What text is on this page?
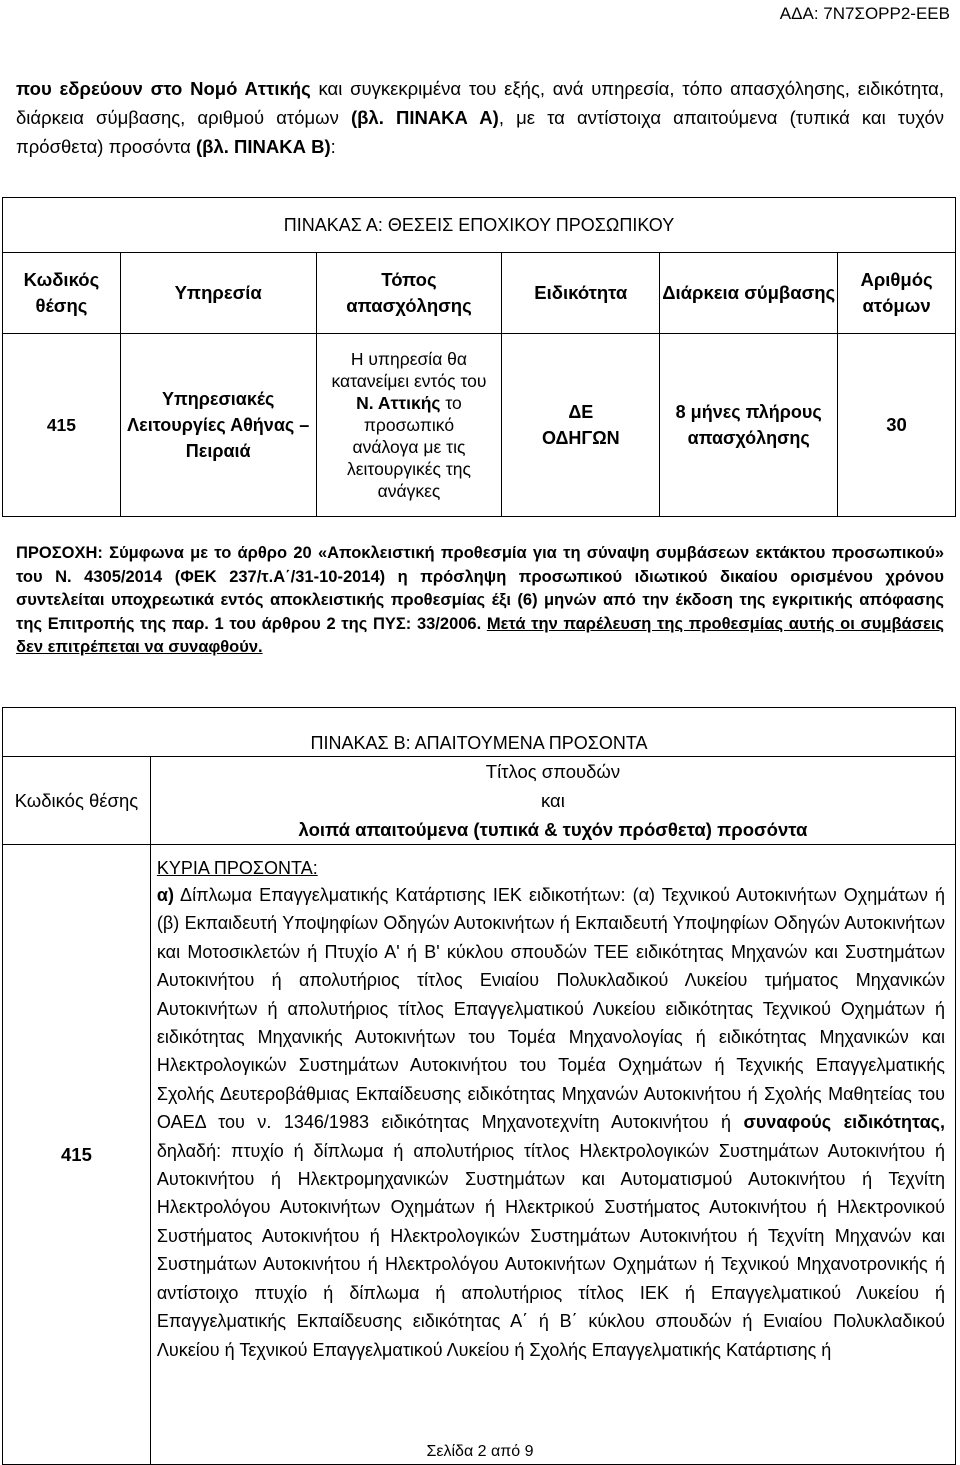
ΑΔΑ: 7Ν7ΣΟΡΡ2-ΕΕΒ
που εδρεύουν στο Νομό Αττικής και συγκεκριμένα του εξής, ανά υπηρεσία, τόπο απασχόλησης, ειδικότητα, διάρκεια σύμβασης, αριθμού ατόμων (βλ. ΠΙΝΑΚΑ Α), με τα αντίστοιχα απαιτούμενα (τυπικά και τυχόν πρόσθετα) προσόντα (βλ. ΠΙΝΑΚΑ Β):
ΠΙΝΑΚΑΣ Α: ΘΕΣΕΙΣ ΕΠΟΧΙΚΟΥ ΠΡΟΣΩΠΙΚΟΥ					
Κωδικός θέσης	Υπηρεσία	Τόπος απασχόλησης	Ειδικότητα	Διάρκεια σύμβασης	Αριθμός ατόμων
415	Υπηρεσιακές Λειτουργίες Αθήνας – Πειραιά	Η υπηρεσία θα κατανείμει εντός του Ν. Αττικής το προσωπικό ανάλογα με τις λειτουργικές της ανάγκες	ΔΕ ΟΔΗΓΩΝ	8 μήνες πλήρους απασχόλησης	30
ΠΡΟΣΟΧΗ: Σύμφωνα με το άρθρο 20 «Αποκλειστική προθεσμία για τη σύναψη συμβάσεων εκτάκτου προσωπικού» του Ν. 4305/2014 (ΦΕΚ 237/τ.Α΄/31-10-2014) η πρόσληψη προσωπικού ιδιωτικού δικαίου ορισμένου χρόνου συντελείται υποχρεωτικά εντός αποκλειστικής προθεσμίας έξι (6) μηνών από την έκδοση της εγκριτικής απόφασης της Επιτροπής της παρ. 1 του άρθρου 2 της ΠΥΣ: 33/2006. Μετά την παρέλευση της προθεσμίας αυτής οι συμβάσεις δεν επιτρέπεται να συναφθούν.
ΠΙΝΑΚΑΣ Β: ΑΠΑΙΤΟΥΜΕΝΑ ΠΡΟΣΟΝΤΑ	
Κωδικός θέσης	Τίτλος σπουδών
και
λοιπά απαιτούμενα (τυπικά & τυχόν πρόσθετα) προσόντα

415	ΚΥΡΙΑ ΠΡΟΣΟΝΤΑ:
α) Δίπλωμα Επαγγελματικής Κατάρτισης ΙΕΚ ειδικοτήτων: (α) Τεχνικού Αυτοκινήτων Οχημάτων ή (β) Εκπαιδευτή Υποψηφίων Οδηγών Αυτοκινήτων ή Εκπαιδευτή Υποψηφίων Οδηγών Αυτοκινήτων και Μοτοσικλετών ή Πτυχίο Α' ή Β' κύκλου σπουδών ΤΕΕ ειδικότητας Μηχανών και Συστημάτων Αυτοκινήτου ή απολυτήριος τίτλος Ενιαίου Πολυκλαδικού Λυκείου τμήματος Μηχανικών Αυτοκινήτων ή απολυτήριος τίτλος Επαγγελματικού Λυκείου ειδικότητας Τεχνικού Οχημάτων ή ειδικότητας Μηχανικής Αυτοκινήτων του Τομέα Μηχανολογίας ή ειδικότητας Μηχανικών και Ηλεκτρολογικών Συστημάτων Αυτοκινήτου του Τομέα Οχημάτων ή Τεχνικής Επαγγελματικής Σχολής Δευτεροβάθμιας Εκπαίδευσης ειδικότητας Μηχανών Αυτοκινήτου ή Σχολής Μαθητείας του ΟΑΕΔ του ν. 1346/1983 ειδικότητας Μηχανοτεχνίτη Αυτοκινήτου ή συναφούς ειδικότητας, δηλαδή: πτυχίο ή δίπλωμα ή απολυτήριος τίτλος Ηλεκτρολογικών Συστημάτων Αυτοκινήτου ή Αυτοκινήτου ή Ηλεκτρομηχανικών Συστημάτων και Αυτοματισμού Αυτοκινήτου ή Τεχνίτη Ηλεκτρολόγου Αυτοκινήτων Οχημάτων ή Ηλεκτρικού Συστήματος Αυτοκινήτου ή Ηλεκτρονικού Συστήματος Αυτοκινήτου ή Ηλεκτρολογικών Συστημάτων Αυτοκινήτου ή Τεχνίτη Μηχανών και Συστημάτων Αυτοκινήτου ή Ηλεκτρολόγου Αυτοκινήτων Οχημάτων ή Τεχνικού Μηχανοτρονικής ή αντίστοιχο πτυχίο ή δίπλωμα ή απολυτήριος τίτλος ΙΕΚ ή Επαγγελματικού Λυκείου ή Επαγγελματικής Εκπαίδευσης ειδικότητας Α΄ ή Β΄ κύκλου σπουδών ή Ενιαίου Πολυκλαδικού Λυκείου ή Τεχνικού Επαγγελματικού Λυκείου ή Σχολής Επαγγελματικής Κατάρτισης ή
Σελίδα 2 από 9
